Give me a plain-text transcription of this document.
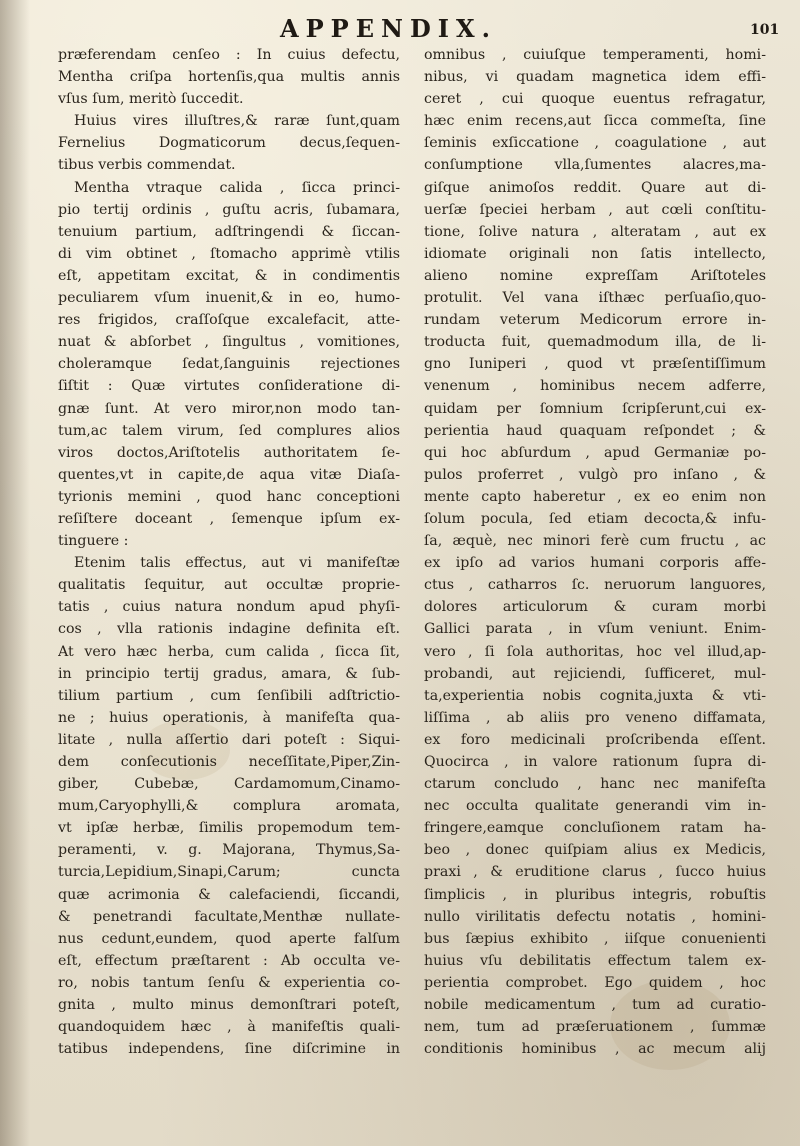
APPENDIX.	101
præferendam cenſeo : In cuius defectu,
Mentha criſpa hortenſis,qua multis annis
vſus ſum, meritò ſuccedit.
Huius vires illuſtres,& raræ ſunt,quam
Fernelius Dogmaticorum decus,ſequen-
tibus verbis commendat.
Mentha vtraque calida , ſicca princi-
pio tertij ordinis , guſtu acris, ſubamara,
tenuium partium, adſtringendi & ſiccan-
di vim obtinet , ſtomacho apprimè vtilis
eſt, appetitam excitat, & in condimentis
peculiarem vſum inuenit,& in eo, humo-
res frigidos, craſſoſque excalefacit, atte-
nuat & abſorbet , ſingultus , vomitiones,
choleramque ſedat,ſanguinis rejectiones
ſiſtit : Quæ virtutes conſideratione di-
gnæ ſunt. At vero miror,non modo tan-
tum,ac talem virum, ſed complures alios
viros doctos,Ariſtotelis authoritatem ſe-
quentes,vt in capite,de aqua vitæ Diaſa-
tyrionis memini , quod hanc conceptioni
reſiſtere doceant , ſemenque ipſum ex-
tinguere :
Etenim talis effectus, aut vi manifeſtæ
qualitatis ſequitur, aut occultæ proprie-
tatis , cuius natura nondum apud phyſi-
cos , vlla rationis indagine definita eſt.
At vero hæc herba, cum calida , ſicca ſit,
in principio tertij gradus, amara, & ſub-
tilium partium , cum ſenſibili adſtrictio-
ne ; huius operationis, à manifeſta qua-
litate , nulla aſſertio dari poteſt : Siqui-
dem conſecutionis neceſſitate,Piper,Zin-
giber, Cubebæ, Cardamomum,Cinamo-
mum,Caryophylli,& complura aromata,
vt ipſæ herbæ, ſimilis propemodum tem-
peramenti, v. g. Majorana, Thymus,Sa-
turcia,Lepidium,Sinapi,Carum; cuncta
quæ acrimonia & calefaciendi, ſiccandi,
& penetrandi facultate,Menthæ nullate-
nus cedunt,eundem, quod aperte falſum
eſt, effectum præſtarent : Ab occulta ve-
ro, nobis tantum ſenſu & experientia co-
gnita , multo minus demonſtrari poteſt,
quandoquidem hæc , à manifeſtis quali-
tatibus independens, ſine diſcrimine in
omnibus , cuiuſque temperamenti, homi-
nibus, vi quadam magnetica idem effi-
ceret , cui quoque euentus refragatur,
hæc enim recens,aut ſicca commeſta, ſine
ſeminis exſiccatione , coagulatione , aut
conſumptione vlla,ſumentes alacres,ma-
giſque animoſos reddit. Quare aut di-
uerſæ ſpeciei herbam , aut cœli conſtitu-
tione, ſolive natura , alteratam , aut ex
idiomate originali non ſatis intellecto,
alieno nomine expreſſam Ariſtoteles
protulit. Vel vana iſthæc perſuaſio,quo-
rundam veterum Medicorum errore in-
troducta fuit, quemadmodum illa, de li-
gno Iuniperi , quod vt præſentiſſimum
venenum , hominibus necem adferre,
quidam per ſomnium ſcripſerunt,cui ex-
perientia haud quaquam reſpondet ; &
qui hoc abſurdum , apud Germaniæ po-
pulos proferret , vulgò pro inſano , &
mente capto haberetur , ex eo enim non
ſolum pocula, ſed etiam decocta,& infu-
ſa, æquè, nec minori ferè cum fructu , ac
ex ipſo ad varios humani corporis affe-
ctus , catharros ſc. neruorum languores,
dolores articulorum & curam morbi
Gallici parata , in vſum veniunt. Enim-
vero , ſi ſola authoritas, hoc vel illud,ap-
probandi, aut rejiciendi, ſufficeret, mul-
ta,experientia nobis cognita,juxta & vti-
liſſima , ab aliis pro veneno diffamata,
ex foro medicinali proſcribenda eſſent.
Quocirca , in valore rationum ſupra di-
ctarum concludo , hanc nec manifeſta
nec occulta qualitate generandi vim in-
fringere,eamque concluſionem ratam ha-
beo , donec quiſpiam alius ex Medicis,
praxi , & eruditione clarus , ſucco huius
ſimplicis , in pluribus integris, robuſtis
nullo virilitatis defectu notatis , homini-
bus ſæpius exhibito , iiſque conuenienti
huius vſu debilitatis effectum talem ex-
perientia comprobet. Ego quidem , hoc
nobile medicamentum , tum ad curatio-
nem, tum ad præſeruationem , ſummæ
conditionis hominibus , ac mecum alij
